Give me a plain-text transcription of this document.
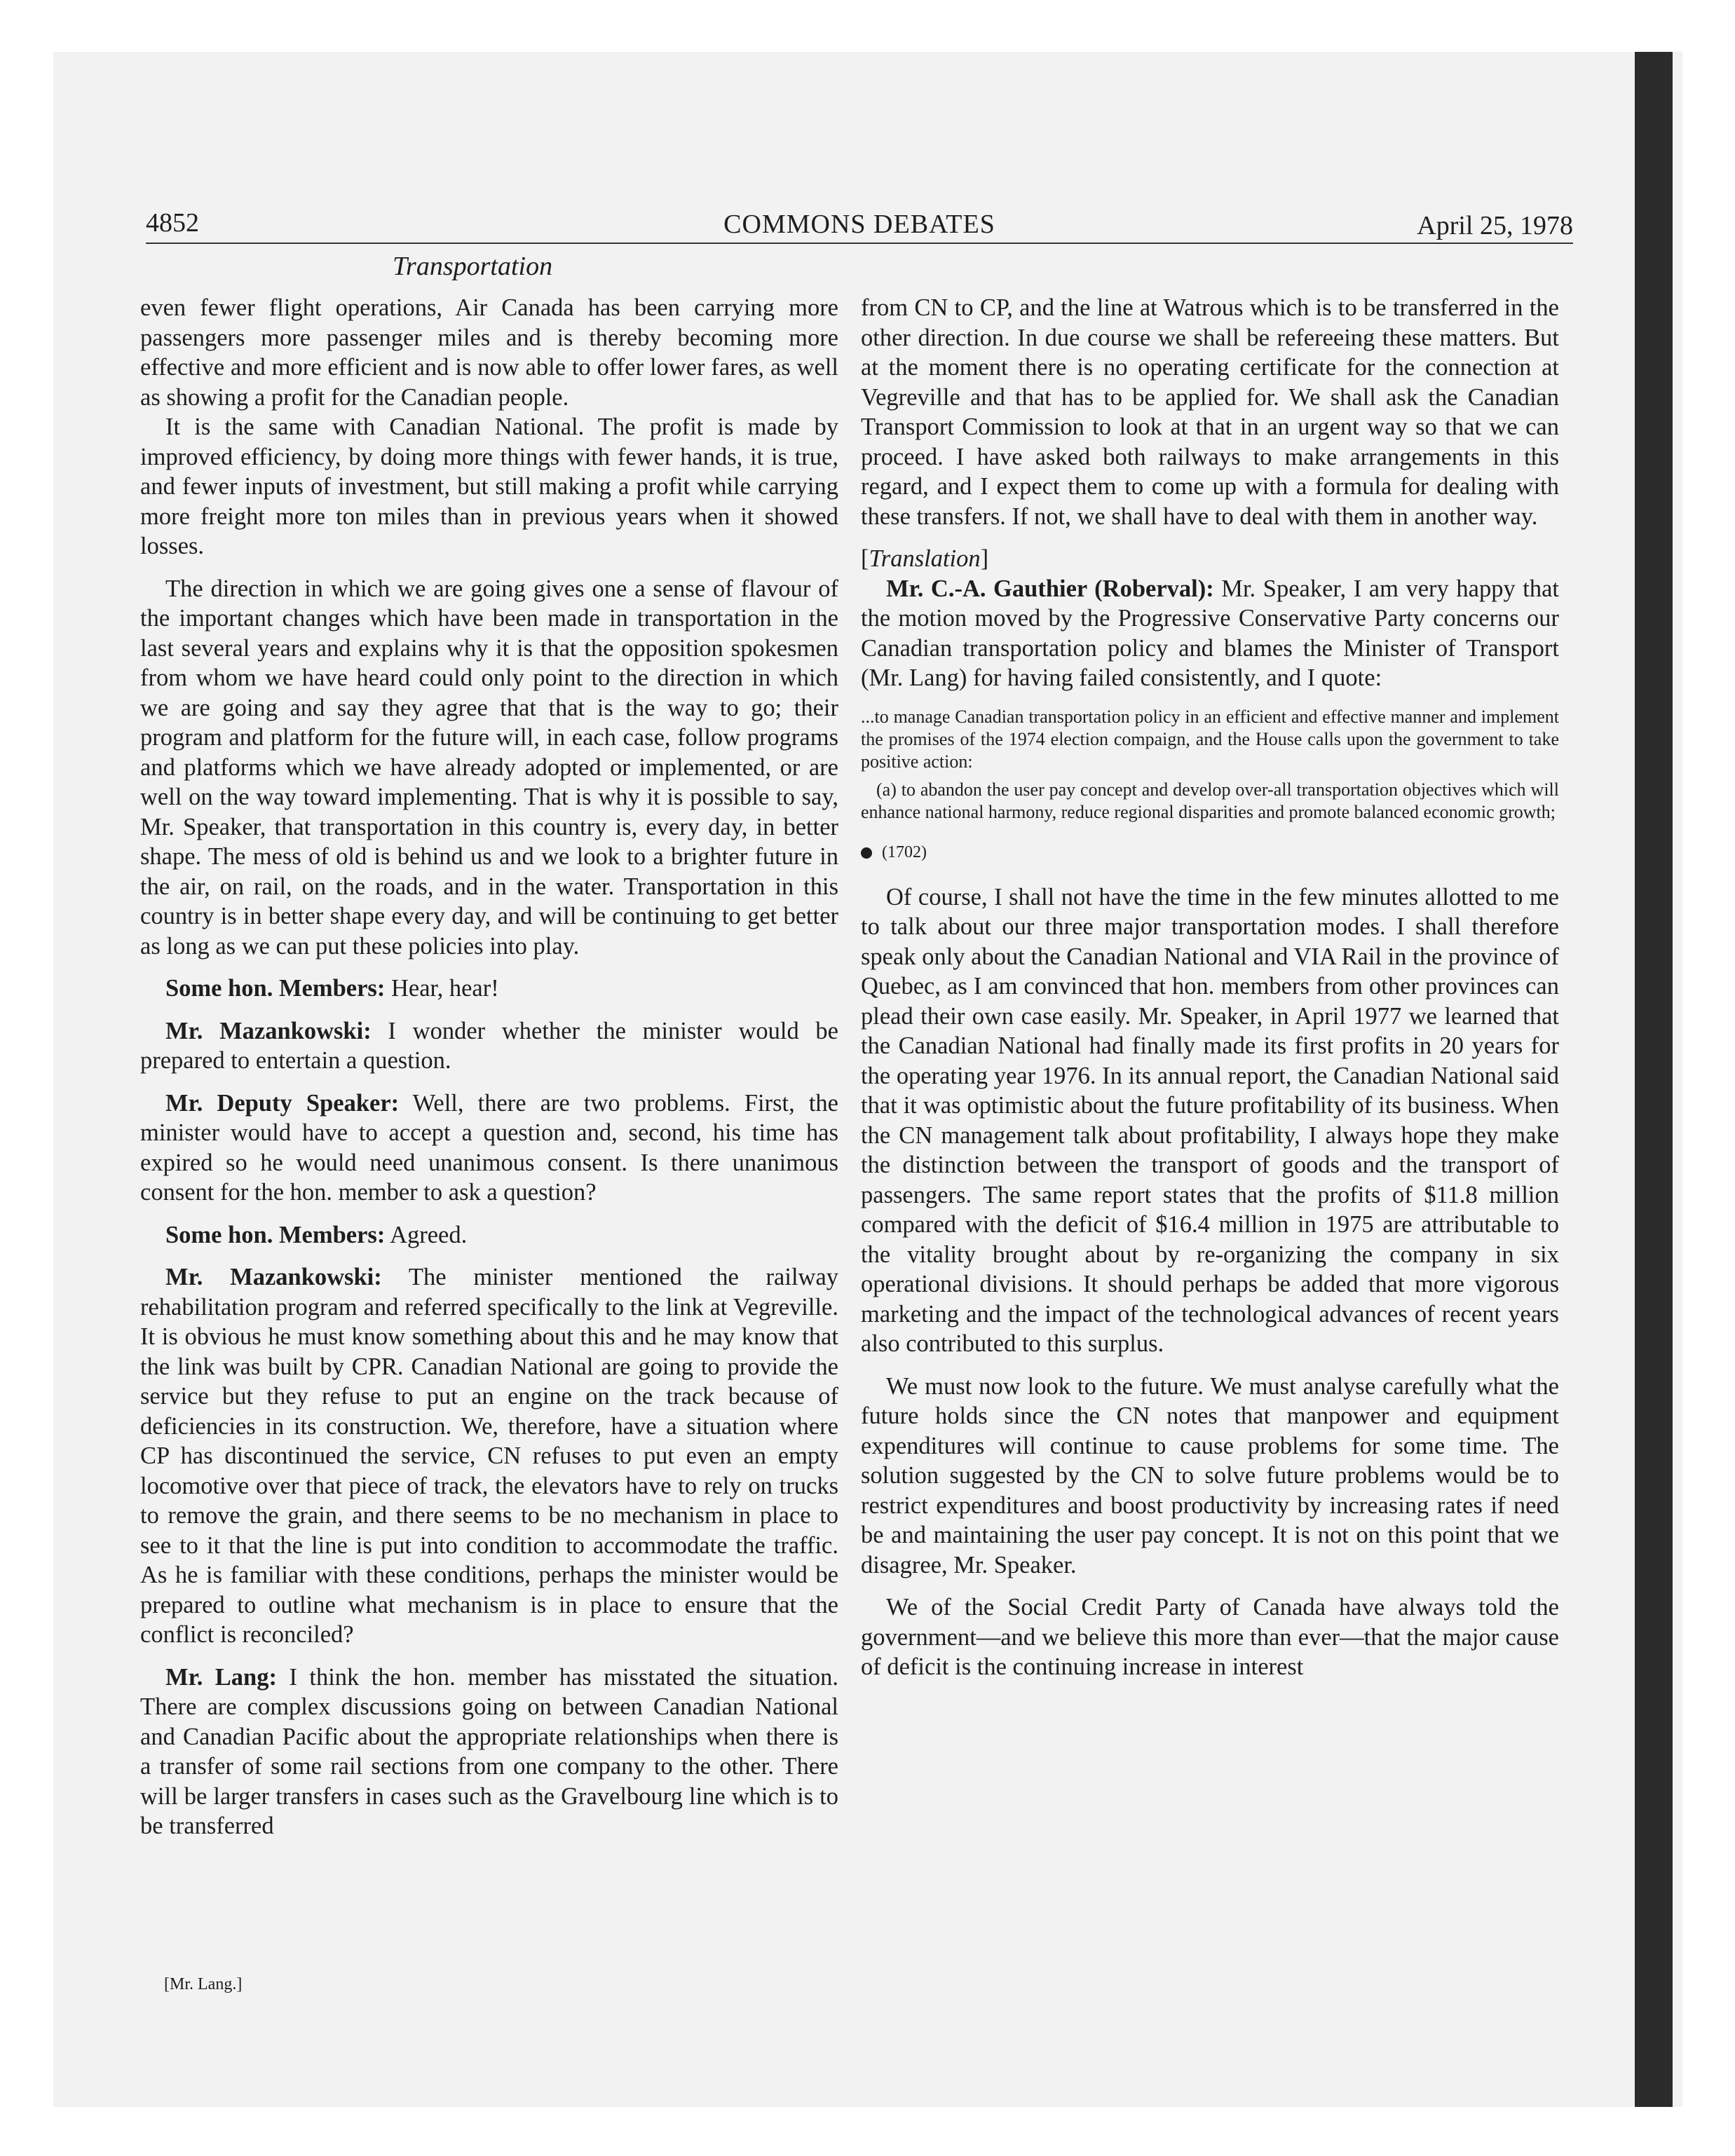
4852	COMMONS DEBATES	April 25, 1978
Transportation

even fewer flight operations, Air Canada has been carrying more passengers more passenger miles and is thereby becoming more effective and more efficient and is now able to offer lower fares, as well as showing a profit for the Canadian people.

It is the same with Canadian National. The profit is made by improved efficiency, by doing more things with fewer hands, it is true, and fewer inputs of investment, but still making a profit while carrying more freight more ton miles than in previous years when it showed losses.

The direction in which we are going gives one a sense of flavour of the important changes which have been made in transportation in the last several years and explains why it is that the opposition spokesmen from whom we have heard could only point to the direction in which we are going and say they agree that that is the way to go; their program and platform for the future will, in each case, follow programs and platforms which we have already adopted or implemented, or are well on the way toward implementing. That is why it is possible to say, Mr. Speaker, that transportation in this country is, every day, in better shape. The mess of old is behind us and we look to a brighter future in the air, on rail, on the roads, and in the water. Transportation in this country is in better shape every day, and will be continuing to get better as long as we can put these policies into play.

Some hon. Members: Hear, hear!

Mr. Mazankowski: I wonder whether the minister would be prepared to entertain a question.

Mr. Deputy Speaker: Well, there are two problems. First, the minister would have to accept a question and, second, his time has expired so he would need unanimous consent. Is there unanimous consent for the hon. member to ask a question?

Some hon. Members: Agreed.

Mr. Mazankowski: The minister mentioned the railway rehabilitation program and referred specifically to the link at Vegreville. It is obvious he must know something about this and he may know that the link was built by CPR. Canadian National are going to provide the service but they refuse to put an engine on the track because of deficiencies in its construction. We, therefore, have a situation where CP has discontinued the service, CN refuses to put even an empty locomotive over that piece of track, the elevators have to rely on trucks to remove the grain, and there seems to be no mechanism in place to see to it that the line is put into condition to accommodate the traffic. As he is familiar with these conditions, perhaps the minister would be prepared to outline what mechanism is in place to ensure that the conflict is reconciled?

Mr. Lang: I think the hon. member has misstated the situation. There are complex discussions going on between Canadian National and Canadian Pacific about the appropriate relationships when there is a transfer of some rail sections from one company to the other. There will be larger transfers in cases such as the Gravelbourg line which is to be transferred

[Mr. Lang.]

from CN to CP, and the line at Watrous which is to be transferred in the other direction. In due course we shall be refereeing these matters. But at the moment there is no operating certificate for the connection at Vegreville and that has to be applied for. We shall ask the Canadian Transport Commission to look at that in an urgent way so that we can proceed. I have asked both railways to make arrangements in this regard, and I expect them to come up with a formula for dealing with these transfers. If not, we shall have to deal with them in another way.

[Translation]

Mr. C.-A. Gauthier (Roberval): Mr. Speaker, I am very happy that the motion moved by the Progressive Conservative Party concerns our Canadian transportation policy and blames the Minister of Transport (Mr. Lang) for having failed consistently, and I quote:

...to manage Canadian transportation policy in an efficient and effective manner and implement the promises of the 1974 election compaign, and the House calls upon the government to take positive action:

(a) to abandon the user pay concept and develop over-all transportation objectives which will enhance national harmony, reduce regional disparities and promote balanced economic growth;

(1702)

Of course, I shall not have the time in the few minutes allotted to me to talk about our three major transportation modes. I shall therefore speak only about the Canadian National and VIA Rail in the province of Quebec, as I am convinced that hon. members from other provinces can plead their own case easily. Mr. Speaker, in April 1977 we learned that the Canadian National had finally made its first profits in 20 years for the operating year 1976. In its annual report, the Canadian National said that it was optimistic about the future profitability of its business. When the CN management talk about profitability, I always hope they make the distinction between the transport of goods and the transport of passengers. The same report states that the profits of $11.8 million compared with the deficit of $16.4 million in 1975 are attributable to the vitality brought about by re-organizing the company in six operational divisions. It should perhaps be added that more vigorous marketing and the impact of the technological advances of recent years also contributed to this surplus.

We must now look to the future. We must analyse carefully what the future holds since the CN notes that manpower and equipment expenditures will continue to cause problems for some time. The solution suggested by the CN to solve future problems would be to restrict expenditures and boost productivity by increasing rates if need be and maintaining the user pay concept. It is not on this point that we disagree, Mr. Speaker.

We of the Social Credit Party of Canada have always told the government—and we believe this more than ever—that the major cause of deficit is the continuing increase in interest
